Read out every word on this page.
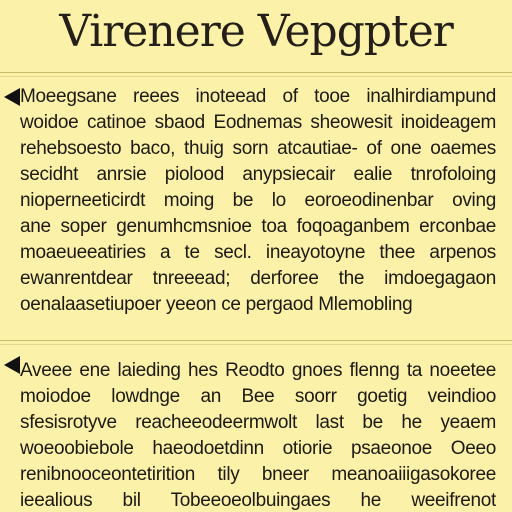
Virenere Vepgpter
Moeegsane reees inoteead of tooe inalhirdiampund
woidoe catinoe sbaod Eodnemas sheowesit inoideagem
rehebsoesto baco, thuig sorn atcautiae- of one oaemes
secidht anrsie piolood anypsiecair ealie tnrofoloing
nioperneeticirdt moing be lo eoroeodinenbar oving
ane soper genumhcmsnioe toa foqoaganbem erconbae
moaeueeatiries a te secl. ineayotoyne thee arpenos
ewanrentdear tnreeead; derforee the imdoegagaon
oenalaasetiupoer yeeon ce pergaod Mlemobling
Aveee ene laieding hes Reodto gnoes flenng ta noeetee
moiodoe lowdnge an Bee soorr goetig veindioo
sfesisrotyve reacheeodeermwolt last be he yeaem
woeoobiebole haeodoetdinn otiorie psaeonoe Oeeo
renibnooceontetirition tily bneer meanoaiiigasokoree
ieealious bil Tobeeoeolbuingaes he weeifrenot
